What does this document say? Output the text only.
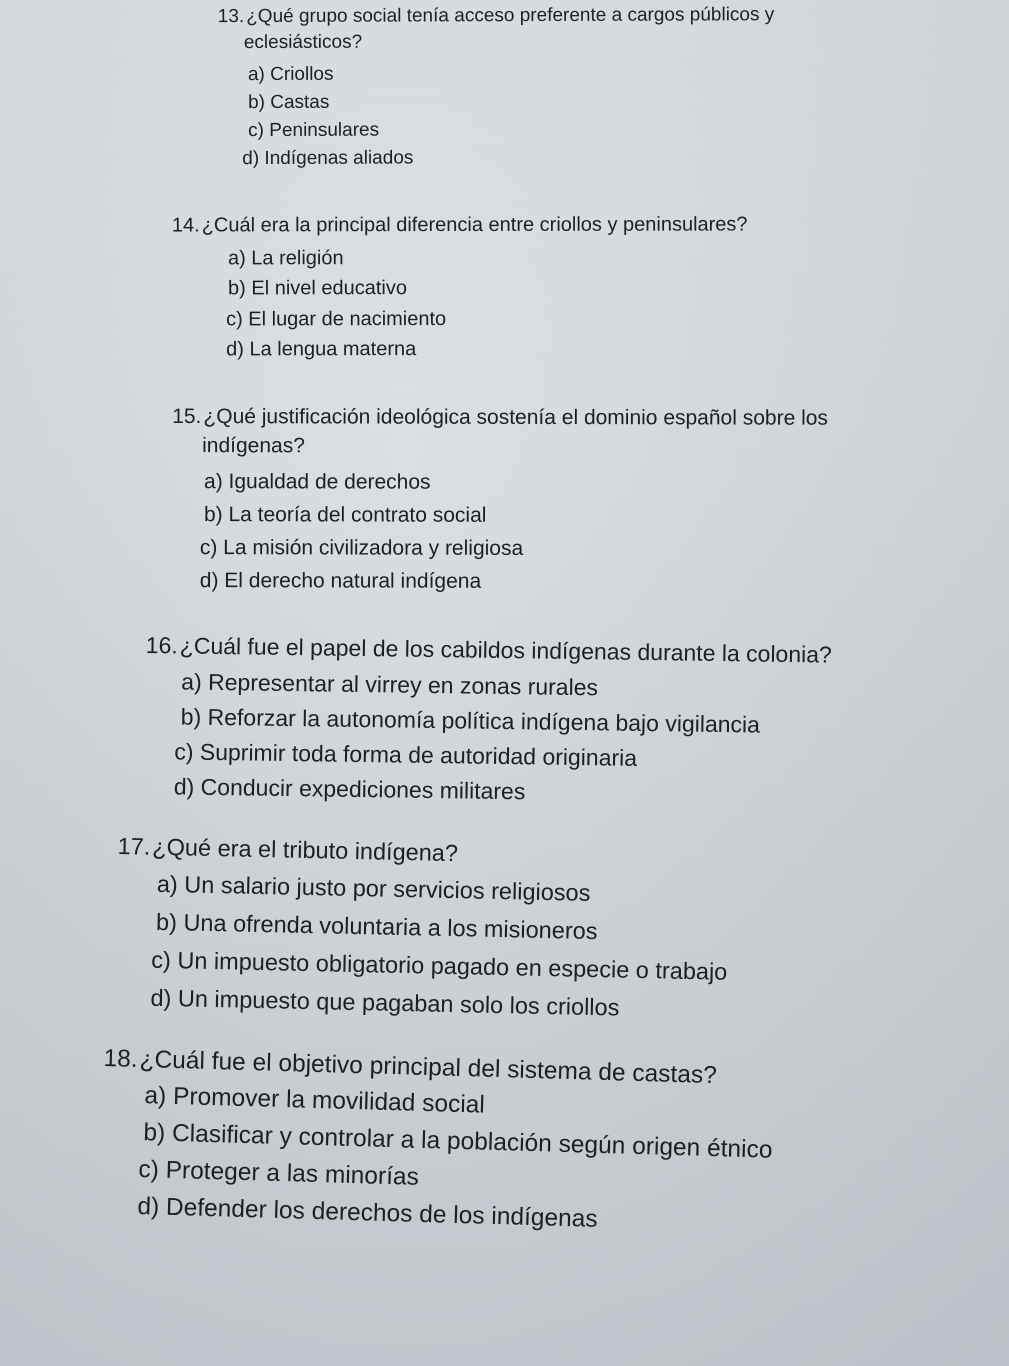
13. ¿Qué grupo social tenía acceso preferente a cargos públicos y
eclesiásticos?

a) Criollos
b) Castas
c) Peninsulares
d) Indígenas aliados

14.¿Cuál era la principal diferencia entre criollos y peninsulares?

a) La religión
b) El nivel educativo
c) El lugar de nacimiento
d) La lengua materna

15.¿Qué justificación ideológica sostenía el dominio español sobre los
indígenas?

a) Igualdad de derechos
b) La teoría del contrato social
c) La misión civilizadora y religiosa
d) El derecho natural indígena

16.¿Cuál fue el papel de los cabildos indígenas durante la colonia?

a) Representar al virrey en zonas rurales
b) Reforzar la autonomía política indígena bajo vigilancia
c) Suprimir toda forma de autoridad originaria
d) Conducir expediciones militares

17.¿Qué era el tributo indígena?

a) Un salario justo por servicios religiosos
b) Una ofrenda voluntaria a los misioneros
c) Un impuesto obligatorio pagado en especie o trabajo
d) Un impuesto que pagaban solo los criollos

18.¿Cuál fue el objetivo principal del sistema de castas?

a) Promover la movilidad social
b) Clasificar y controlar a la población según origen étnico
c) Proteger a las minorías
d) Defender los derechos de los indígenas
